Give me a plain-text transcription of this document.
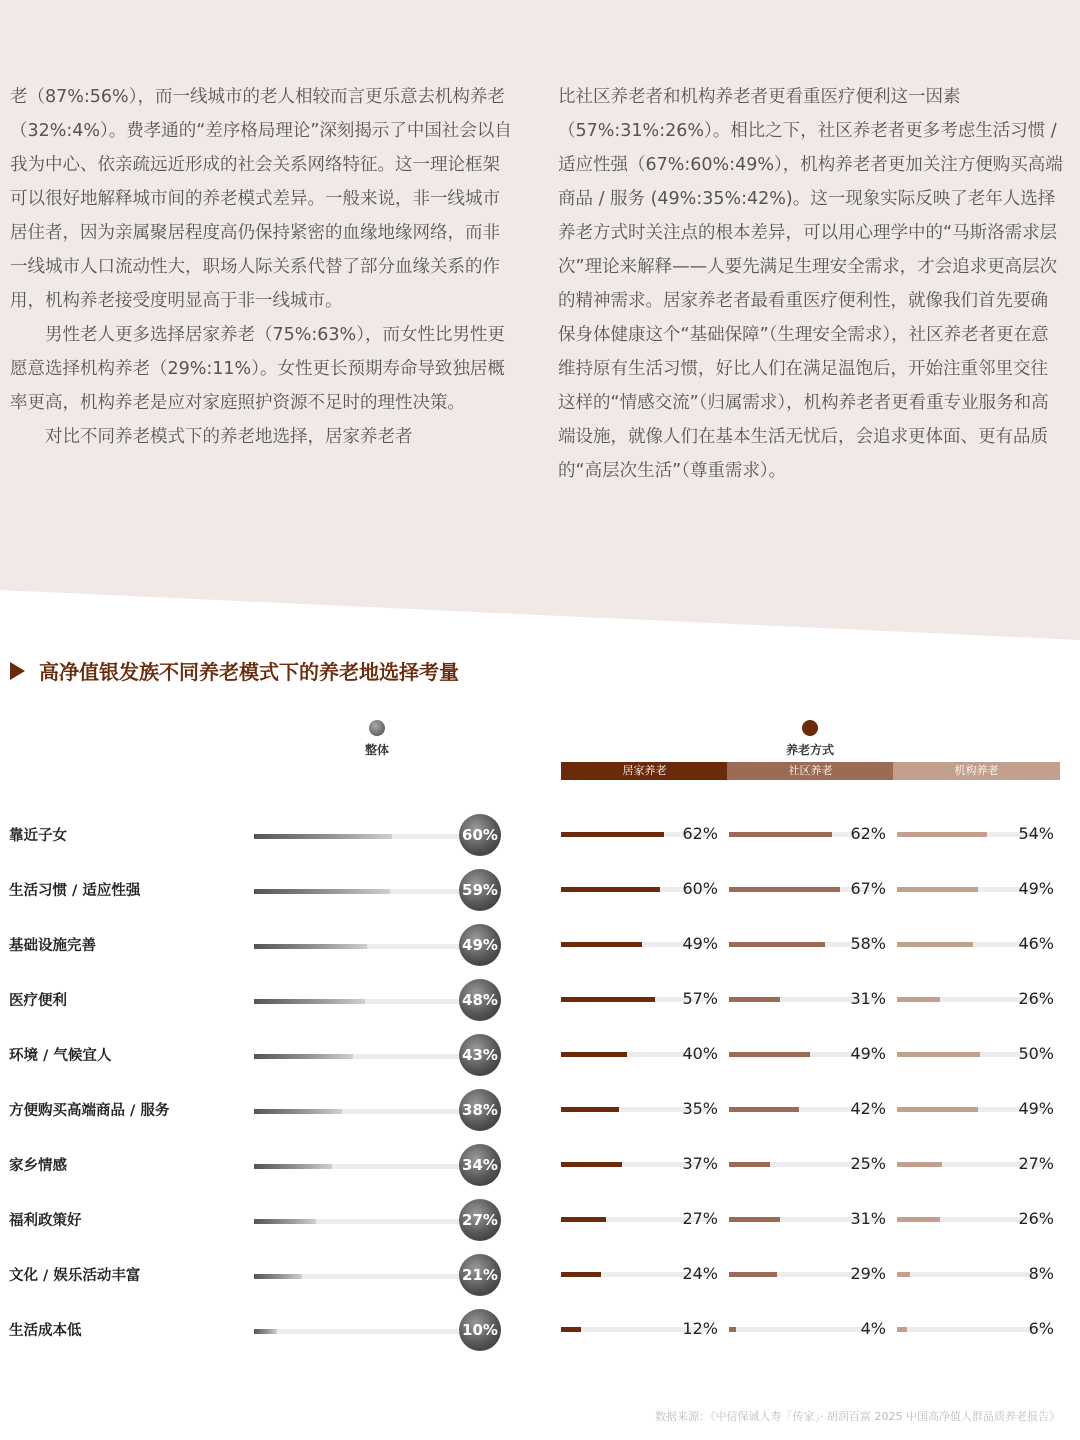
老（87%:56%），而一线城市的老人相较而言更乐意去机构养老（32%:4%）。费孝通的“差序格局理论”深刻揭示了中国社会以自我为中心、依亲疏远近形成的社会关系网络特征。这一理论框架可以很好地解释城市间的养老模式差异。一般来说，非一线城市居住者，因为亲属聚居程度高仍保持紧密的血缘地缘网络，而非一线城市人口流动性大，职场人际关系代替了部分血缘关系的作用，机构养老接受度明显高于非一线城市。

男性老人更多选择居家养老（75%:63%），而女性比男性更愿意选择机构养老（29%:11%）。女性更长预期寿命导致独居概率更高，机构养老是应对家庭照护资源不足时的理性决策。

对比不同养老模式下的养老地选择，居家养老者

比社区养老者和机构养老者更看重医疗便利这一因素（57%:31%:26%）。相比之下，社区养老者更多考虑生活习惯 / 适应性强（67%:60%:49%），机构养老者更加关注方便购买高端商品 / 服务 (49%:35%:42%)。这一现象实际反映了老年人选择养老方式时关注点的根本差异，可以用心理学中的“马斯洛需求层次”理论来解释——人要先满足生理安全需求，才会追求更高层次的精神需求。居家养老者最看重医疗便利性，就像我们首先要确保身体健康这个“基础保障”（生理安全需求），社区养老者更在意维持原有生活习惯，好比人们在满足温饱后，开始注重邻里交往这样的“情感交流”（归属需求），机构养老者更看重专业服务和高端设施，就像人们在基本生活无忧后，会追求更体面、更有品质的“高层次生活”（尊重需求）。

高净值银发族不同养老模式下的养老地选择考量
整体	养老方式
居家养老	社区养老	机构养老
靠近子女	60%	62%	62%	54%
生活习惯 / 适应性强	59%	60%	67%	49%
基础设施完善	49%	49%	58%	46%
医疗便利	48%	57%	31%	26%
环境 / 气候宜人	43%	40%	49%	50%
方便购买高端商品 / 服务	38%	35%	42%	49%
家乡情感	34%	37%	25%	27%
福利政策好	27%	27%	31%	26%
文化 / 娱乐活动丰富	21%	24%	29%	8%
生活成本低	10%	12%	4%	6%
数据来源：《中信保诚人寿「传家」· 胡润百富 2025 中国高净值人群品质养老报告》
